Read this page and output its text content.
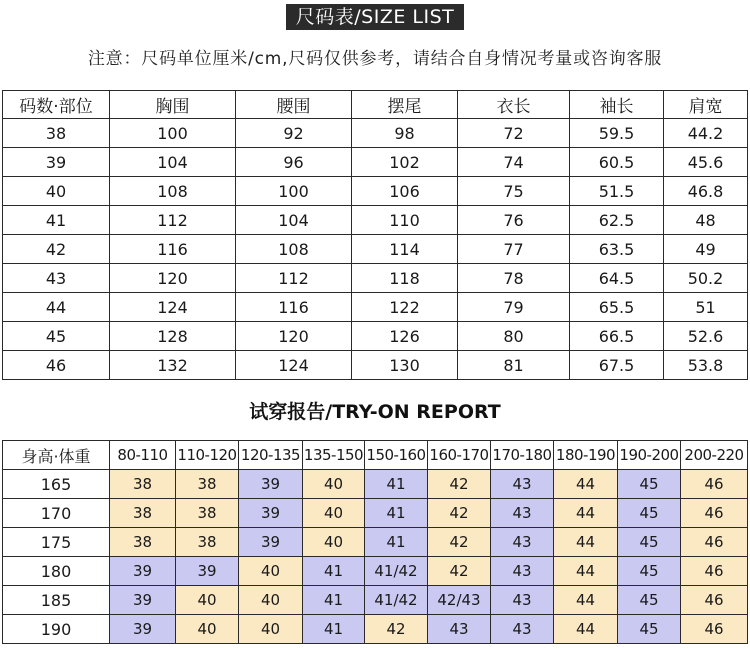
尺码表/SIZE LIST
注意：尺码单位厘米/cm,尺码仅供参考，请结合自身情况考量或咨询客服
码数·部位	胸围	腰围	摆尾	衣长	袖长	肩宽
38	100	92	98	72	59.5	44.2
39	104	96	102	74	60.5	45.6
40	108	100	106	75	51.5	46.8
41	112	104	110	76	62.5	48
42	116	108	114	77	63.5	49
43	120	112	118	78	64.5	50.2
44	124	116	122	79	65.5	51
45	128	120	126	80	66.5	52.6
46	132	124	130	81	67.5	53.8
试穿报告/TRY-ON REPORT
身高·体重	80-110	110-120	120-135	135-150	150-160	160-170	170-180	180-190	190-200	200-220
165	38	38	39	40	41	42	43	44	45	46
170	38	38	39	40	41	42	43	44	45	46
175	38	38	39	40	41	42	43	44	45	46
180	39	39	40	41	41/42	42	43	44	45	46
185	39	40	40	41	41/42	42/43	43	44	45	46
190	39	40	40	41	42	43	43	44	45	46
